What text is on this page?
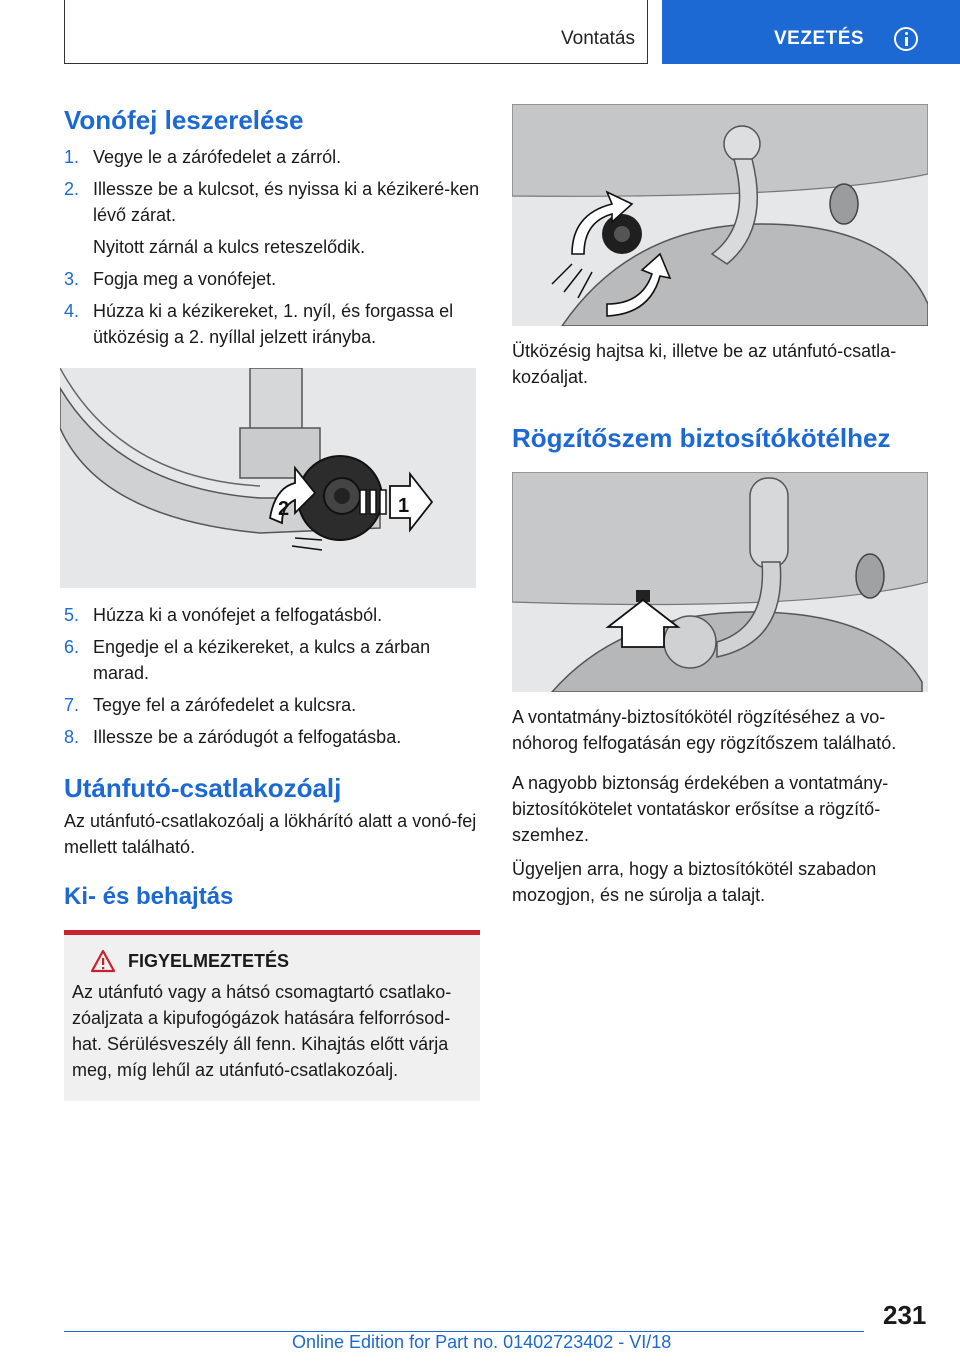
Vontatás	VEZETÉS
Vonófej leszerelése
1. Vegye le a zárófedelet a zárról.
2. Illessze be a kulcsot, és nyissa ki a kézikeré‐ken lévő zárat.
Nyitott zárnál a kulcs reteszelődik.
3. Fogja meg a vonófejet.
4. Húzza ki a kézikereket, 1. nyíl, és forgassa el ütközésig a 2. nyíllal jelzett irányba.
2	1
5. Húzza ki a vonófejet a felfogatásból.
6. Engedje el a kézikereket, a kulcs a zárban marad.
7. Tegye fel a zárófedelet a kulcsra.
8. Illessze be a záródugót a felfogatásba.
Utánfutó-csatlakozóalj

Az utánfutó-csatlakozóalj a lökhárító alatt a vonó‐fej mellett található.

Ki- és behajtás
FIGYELMEZTETÉS

Az utánfutó vagy a hátsó csomagtartó csatlako‐zóaljzata a kipufogógázok hatására felforrósod‐hat. Sérülésveszély áll fenn. Kihajtás előtt várja meg, míg lehűl az utánfutó-csatlakozóalj.

Ütközésig hajtsa ki, illetve be az utánfutó-csatla‐kozóaljat.

Rögzítőszem biztosítókötélhez

A vontatmány-biztosítókötél rögzítéséhez a vo‐nóhorog felfogatásán egy rögzítőszem található.

A nagyobb biztonság érdekében a vontatmány-biztosítókötelet vontatáskor erősítse a rögzítő‐szemhez.

Ügyeljen arra, hogy a biztosítókötél szabadon mozogjon, és ne súrolja a talajt.

231
Online Edition for Part no. 01402723402 - VI/18
